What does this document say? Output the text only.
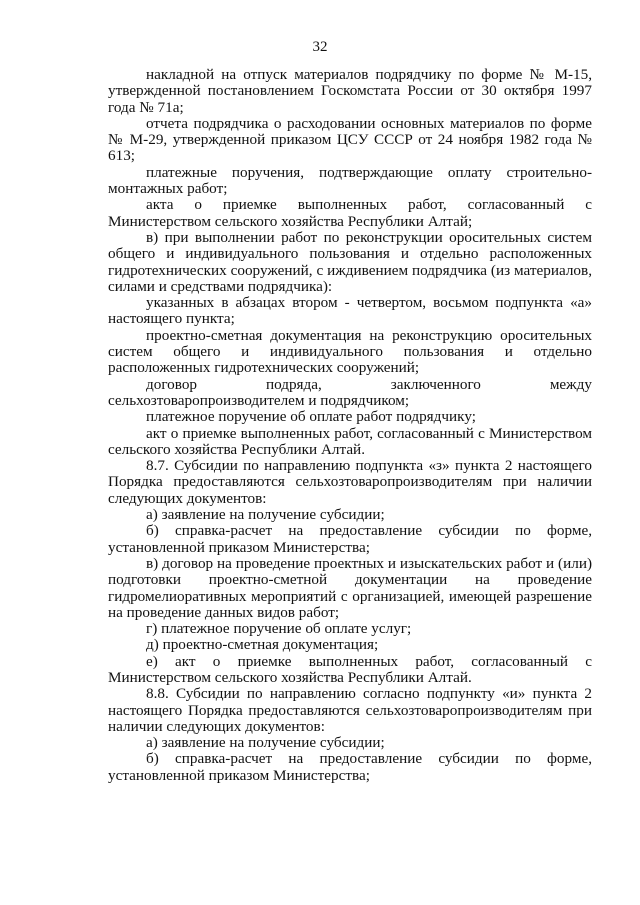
32

накладной на отпуск материалов подрядчику по форме № М-15, утвержденной постановлением Госкомстата России от 30 октября 1997 года № 71а;

отчета подрядчика о расходовании основных материалов по форме № М-29, утвержденной приказом ЦСУ СССР от 24 ноября 1982 года № 613;

платежные поручения, подтверждающие оплату строительно-монтажных работ;

акта о приемке выполненных работ, согласованный с Министерством сельского хозяйства Республики Алтай;

в) при выполнении работ по реконструкции оросительных систем общего и индивидуального пользования и отдельно расположенных гидротехнических сооружений, с иждивением подрядчика (из материалов, силами и средствами подрядчика):

указанных в абзацах втором - четвертом, восьмом подпункта «а» настоящего пункта;

проектно-сметная документация на реконструкцию оросительных систем общего и индивидуального пользования и отдельно расположенных гидротехнических сооружений;

договор подряда, заключенного между сельхозтоваропроизводителем и подрядчиком;

платежное поручение об оплате работ подрядчику;

акт о приемке выполненных работ, согласованный с Министерством сельского хозяйства Республики Алтай.

8.7. Субсидии по направлению подпункта «з» пункта 2 настоящего Порядка предоставляются сельхозтоваропроизводителям при наличии следующих документов:

а) заявление на получение субсидии;

б) справка-расчет на предоставление субсидии по форме, установленной приказом Министерства;

в) договор на проведение проектных и изыскательских работ и (или) подготовки проектно-сметной документации на проведение гидромелиоративных мероприятий с организацией, имеющей разрешение на проведение данных видов работ;

г) платежное поручение об оплате услуг;

д) проектно-сметная документация;

е) акт о приемке выполненных работ, согласованный с Министерством сельского хозяйства Республики Алтай.

8.8. Субсидии по направлению согласно подпункту «и» пункта 2 настоящего Порядка предоставляются сельхозтоваропроизводителям при наличии следующих документов:

а) заявление на получение субсидии;

б) справка-расчет на предоставление субсидии по форме, установленной приказом Министерства;
